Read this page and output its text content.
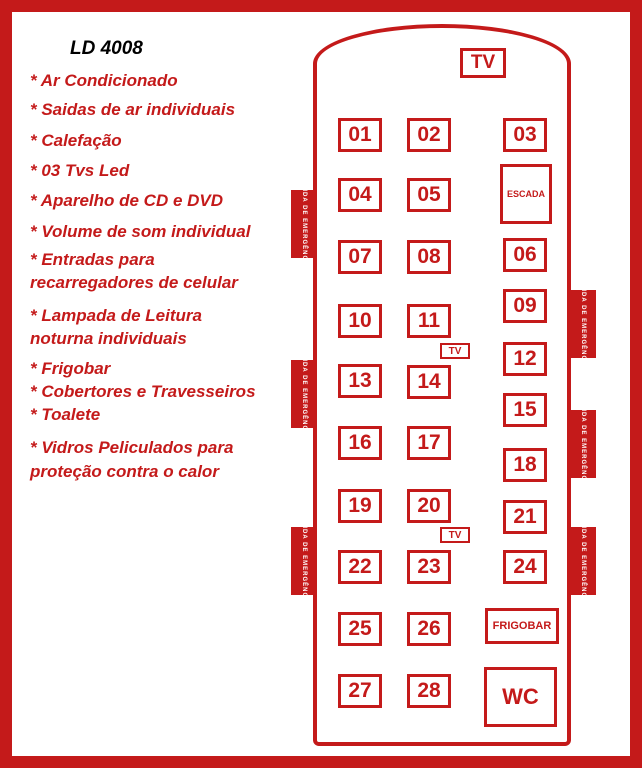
LD 4008
* Ar Condicionado
* Saidas de ar individuais
* Calefação
* 03 Tvs Led
* Aparelho de CD e DVD
* Volume de som individual
* Entradas para
recarregadores de celular
* Lampada de Leitura
noturna individuais
* Frigobar
* Cobertores e Travesseiros
* Toalete
* Vidros Peliculados para
proteção contra o calor
TV
TV
TV
ESCADA
FRIGOBAR
WC
SAIDA DE EMERGÊNCIA
SAIDA DE EMERGÊNCIA
SAIDA DE EMERGÊNCIA
SAIDA DE EMERGÊNCIA
SAIDA DE EMERGÊNCIA
SAIDA DE EMERGÊNCIA
01	02	03
04	05
06
07	08
09
10	11
12
13	14
15
16	17
18
19	20	21
22	23	24
25	26
27	28
